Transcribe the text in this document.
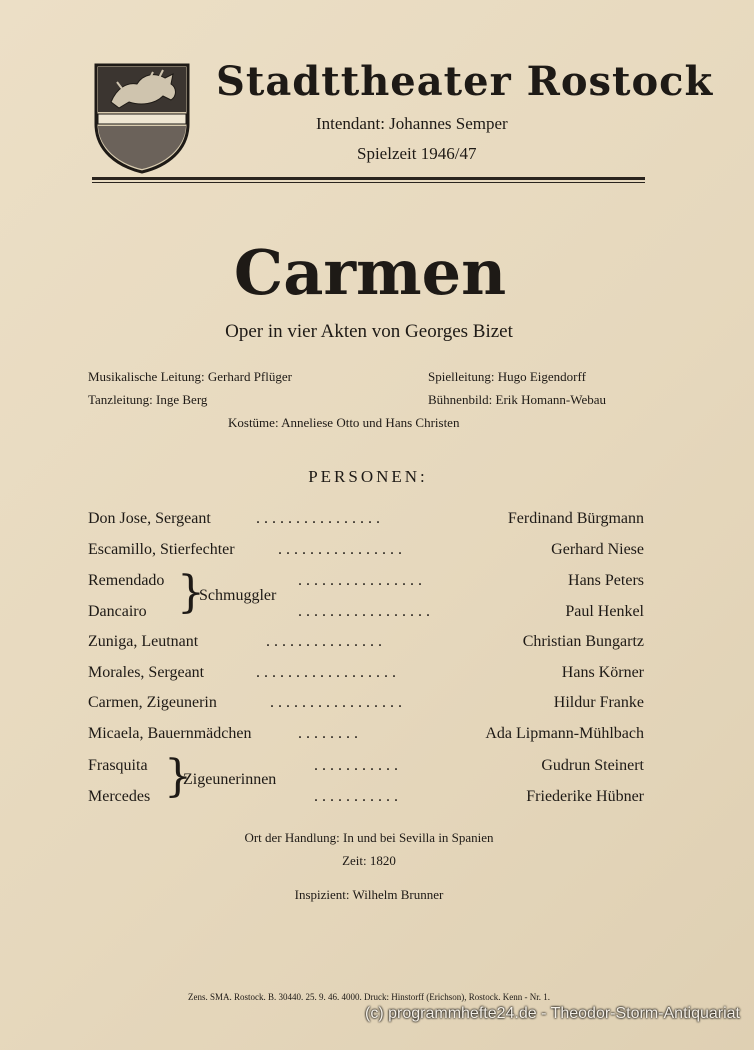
Stadttheater Rostock
Intendant: Johannes Semper
Spielzeit 1946/47
Carmen
Oper in vier Akten von Georges Bizet
Musikalische Leitung: Gerhard Pflüger	Spielleitung: Hugo Eigendorff
Tanzleitung: Inge Berg	Bühnenbild: Erik Homann-Webau
Kostüme: Anneliese Otto und Hans Christen
PERSONEN:
Don Jose, Sergeant	. . . . . . . . . . . . . . . .	Ferdinand Bürgmann
Escamillo, Stierfechter	. . . . . . . . . . . . . . . .	Gerhard Niese
Remendado	. . . . . . . . . . . . . . . .	Hans Peters
Dancairo	. . . . . . . . . . . . . . . . .	Paul Henkel
}
Schmuggler
Zuniga, Leutnant	. . . . . . . . . . . . . . .	Christian Bungartz
Morales, Sergeant	. . . . . . . . . . . . . . . . . .	Hans Körner
Carmen, Zigeunerin	. . . . . . . . . . . . . . . . .	Hildur Franke
Micaela, Bauernmädchen	. . . . . . . .	Ada Lipmann-Mühlbach
Frasquita	. . . . . . . . . . .	Gudrun Steinert
Mercedes	. . . . . . . . . . .	Friederike Hübner
}
Zigeunerinnen
Ort der Handlung: In und bei Sevilla in Spanien
Zeit: 1820
Inspizient: Wilhelm Brunner
Zens. SMA. Rostock. B. 30440. 25. 9. 46. 4000. Druck: Hinstorff (Erichson), Rostock. Kenn - Nr. 1.
(c) programmhefte24.de - Theodor-Storm-Antiquariat
